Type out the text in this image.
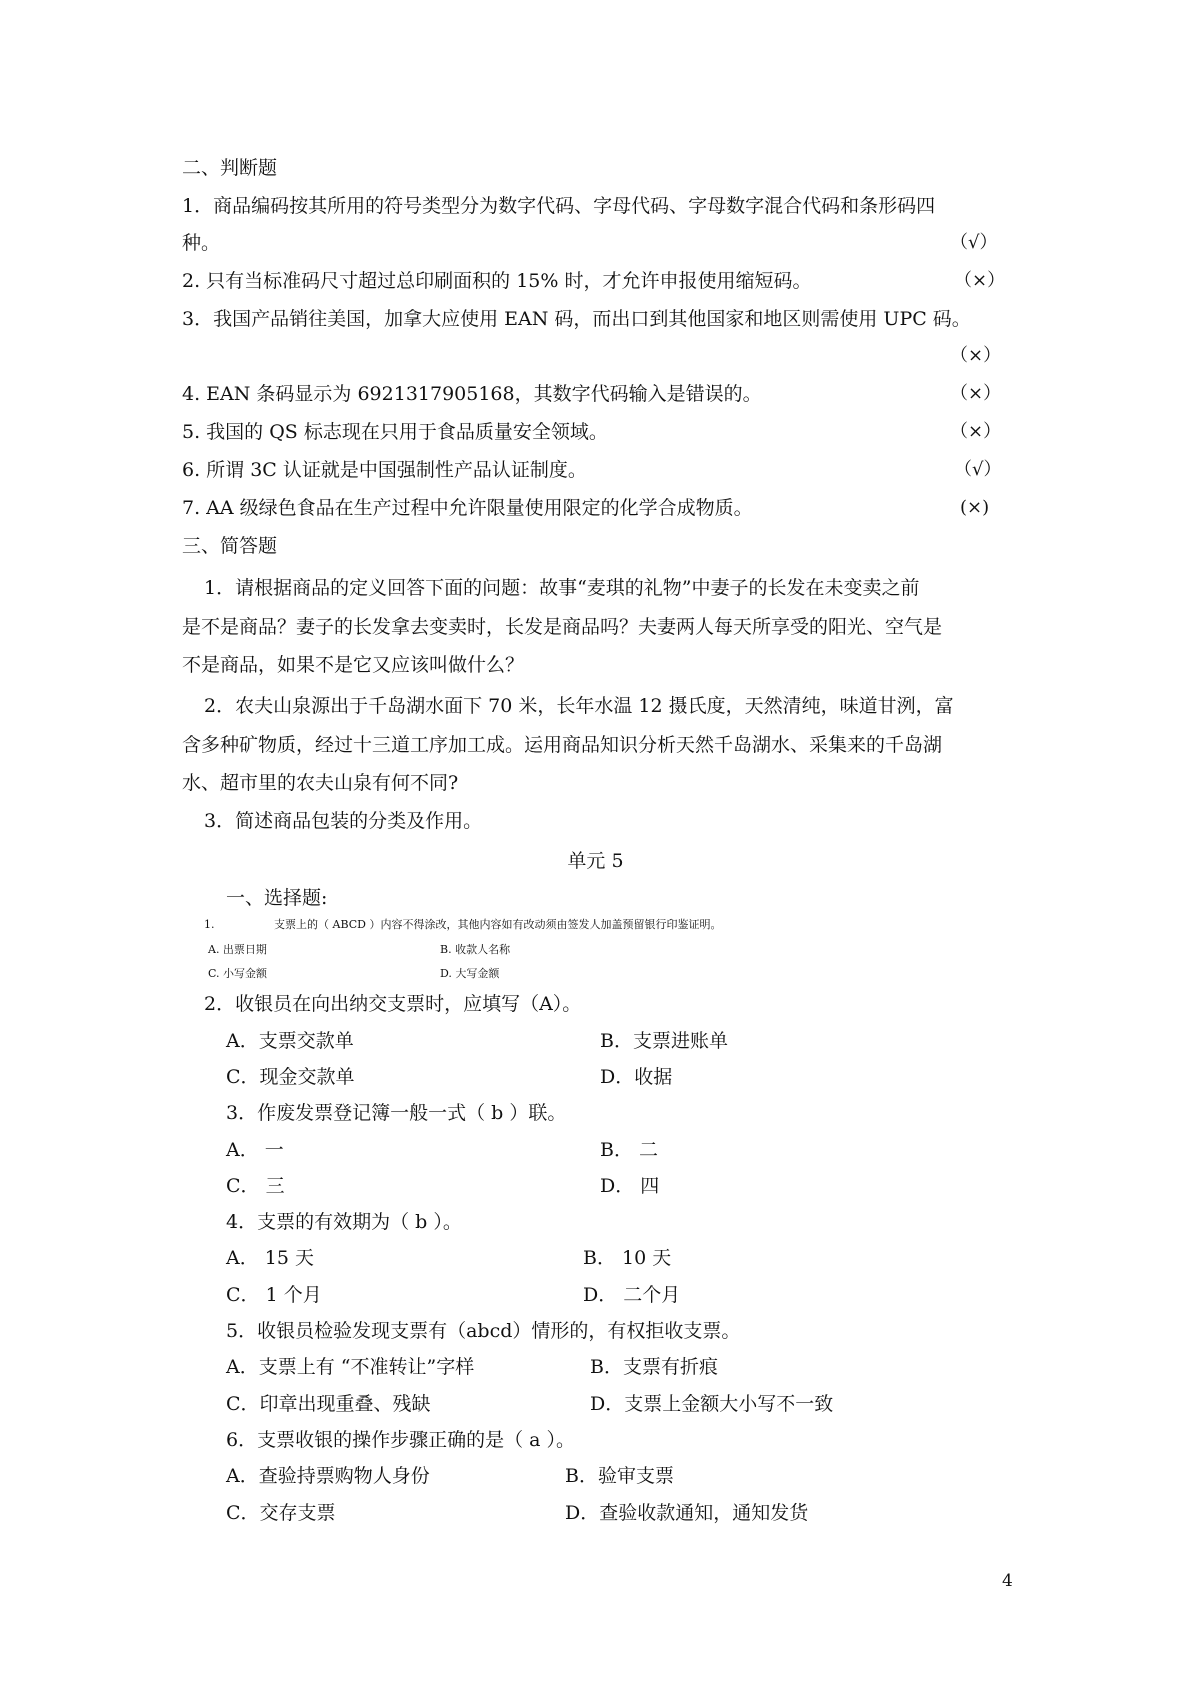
二、判断题
1．商品编码按其所用的符号类型分为数字代码、字母代码、字母数字混合代码和条形码四
种。	（√）
2. 只有当标准码尺寸超过总印刷面积的 15% 时，才允许申报使用缩短码。	（×）
3．我国产品销往美国，加拿大应使用 EAN 码，而出口到其他国家和地区则需使用 UPC 码。
（×）
4. EAN 条码显示为 6921317905168，其数字代码输入是错误的。	（×）
5. 我国的 QS 标志现在只用于食品质量安全领域。	（×）
6. 所谓 3C 认证就是中国强制性产品认证制度。	（√）
7. AA 级绿色食品在生产过程中允许限量使用限定的化学合成物质。	(×)
三、简答题
1．请根据商品的定义回答下面的问题：故事“麦琪的礼物”中妻子的长发在未变卖之前
是不是商品？妻子的长发拿去变卖时，长发是商品吗？夫妻两人每天所享受的阳光、空气是
不是商品，如果不是它又应该叫做什么？
2．农夫山泉源出于千岛湖水面下 70 米，长年水温 12 摄氏度，天然清纯，味道甘洌，富
含多种矿物质，经过十三道工序加工成。运用商品知识分析天然千岛湖水、采集来的千岛湖
水、超市里的农夫山泉有何不同?
3．简述商品包装的分类及作用。
单元 5
一、选择题:
1.	支票上的（ ABCD ）内容不得涂改，其他内容如有改动须由签发人加盖预留银行印鉴证明。
A. 出票日期	B. 收款人名称
C. 小写金额	D. 大写金额
2．收银员在向出纳交支票时，应填写（A）。
A．支票交款单	B．支票进账单
C．现金交款单	D．收据
3．作废发票登记簿一般一式（ b ）联。
A． 一	B． 二
C． 三	D． 四
4．支票的有效期为（ b ）。
A． 15 天	B． 10 天
C． 1 个月	D． 二个月
5．收银员检验发现支票有（abcd）情形的，有权拒收支票。
A．支票上有 “不准转让”字样	B．支票有折痕
C．印章出现重叠、残缺	D．支票上金额大小写不一致
6．支票收银的操作步骤正确的是（ a ）。
A．查验持票购物人身份	B．验审支票
C．交存支票	D．查验收款通知，通知发货
4
